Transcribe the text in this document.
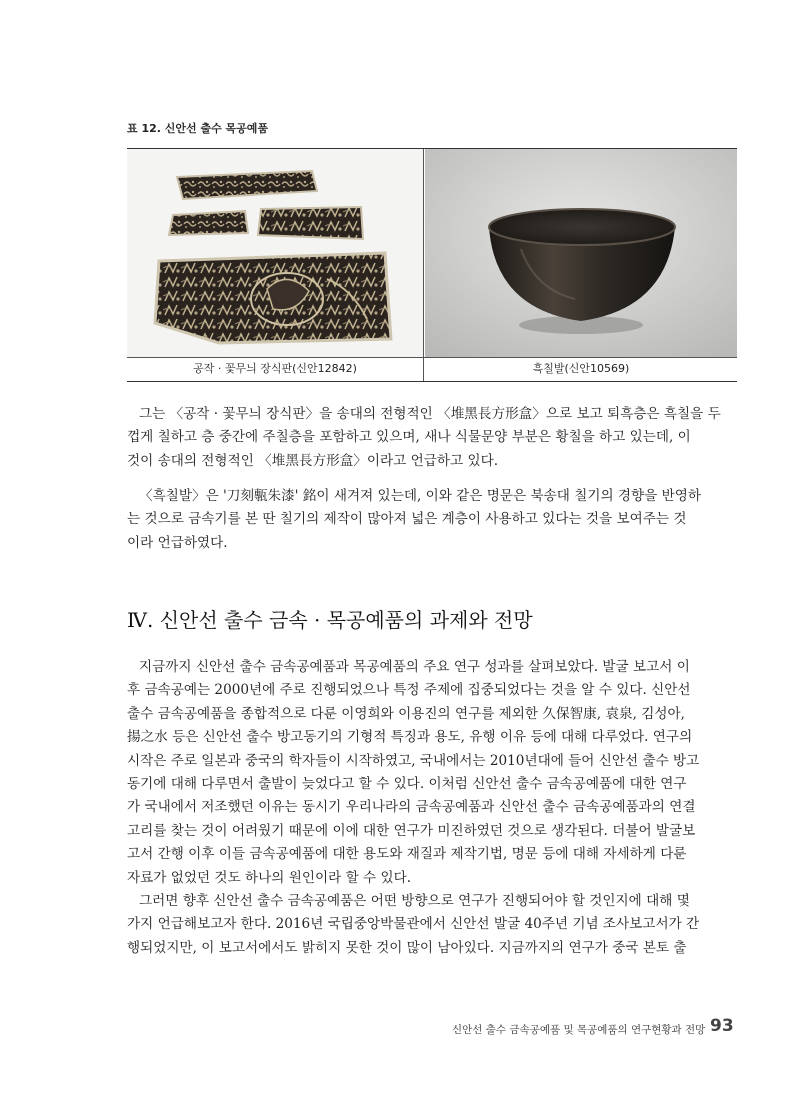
표 12. 신안선 출수 목공예품
공작 · 꽃무늬 장식판(신안12842)	흑칠발(신안10569)
그는 〈공작 · 꽃무늬 장식판〉을 송대의 전형적인 〈堆黑長方形盒〉으로 보고 퇴흑층은 흑칠을 두
껍게 칠하고 층 중간에 주칠층을 포함하고 있으며, 새나 식물문양 부분은 황칠을 하고 있는데, 이
것이 송대의 전형적인 〈堆黑長方形盒〉이라고 언급하고 있다.
〈흑칠발〉은 '刀刻甎朱漆' 銘이 새겨져 있는데, 이와 같은 명문은 북송대 칠기의 경향을 반영하
는 것으로 금속기를 본 딴 칠기의 제작이 많아져 넓은 계층이 사용하고 있다는 것을 보여주는 것
이라 언급하였다.
Ⅳ. 신안선 출수 금속 · 목공예품의 과제와 전망
지금까지 신안선 출수 금속공예품과 목공예품의 주요 연구 성과를 살펴보았다. 발굴 보고서 이
후 금속공예는 2000년에 주로 진행되었으나 특정 주제에 집중되었다는 것을 알 수 있다. 신안선
출수 금속공예품을 종합적으로 다룬 이영희와 이용진의 연구를 제외한 久保智康, 袁泉, 김성아,
揚之水 등은 신안선 출수 방고동기의 기형적 특징과 용도, 유행 이유 등에 대해 다루었다. 연구의
시작은 주로 일본과 중국의 학자들이 시작하였고, 국내에서는 2010년대에 들어 신안선 출수 방고
동기에 대해 다루면서 출발이 늦었다고 할 수 있다. 이처럼 신안선 출수 금속공예품에 대한 연구
가 국내에서 저조했던 이유는 동시기 우리나라의 금속공예품과 신안선 출수 금속공예품과의 연결
고리를 찾는 것이 어려웠기 때문에 이에 대한 연구가 미진하였던 것으로 생각된다. 더불어 발굴보
고서 간행 이후 이들 금속공예품에 대한 용도와 재질과 제작기법, 명문 등에 대해 자세하게 다룬
자료가 없었던 것도 하나의 원인이라 할 수 있다.
그러면 향후 신안선 출수 금속공예품은 어떤 방향으로 연구가 진행되어야 할 것인지에 대해 몇
가지 언급해보고자 한다. 2016년 국립중앙박물관에서 신안선 발굴 40주년 기념 조사보고서가 간
행되었지만, 이 보고서에서도 밝히지 못한 것이 많이 남아있다. 지금까지의 연구가 중국 본토 출
신안선 출수 금속공예품 및 목공예품의 연구현황과 전망 93
